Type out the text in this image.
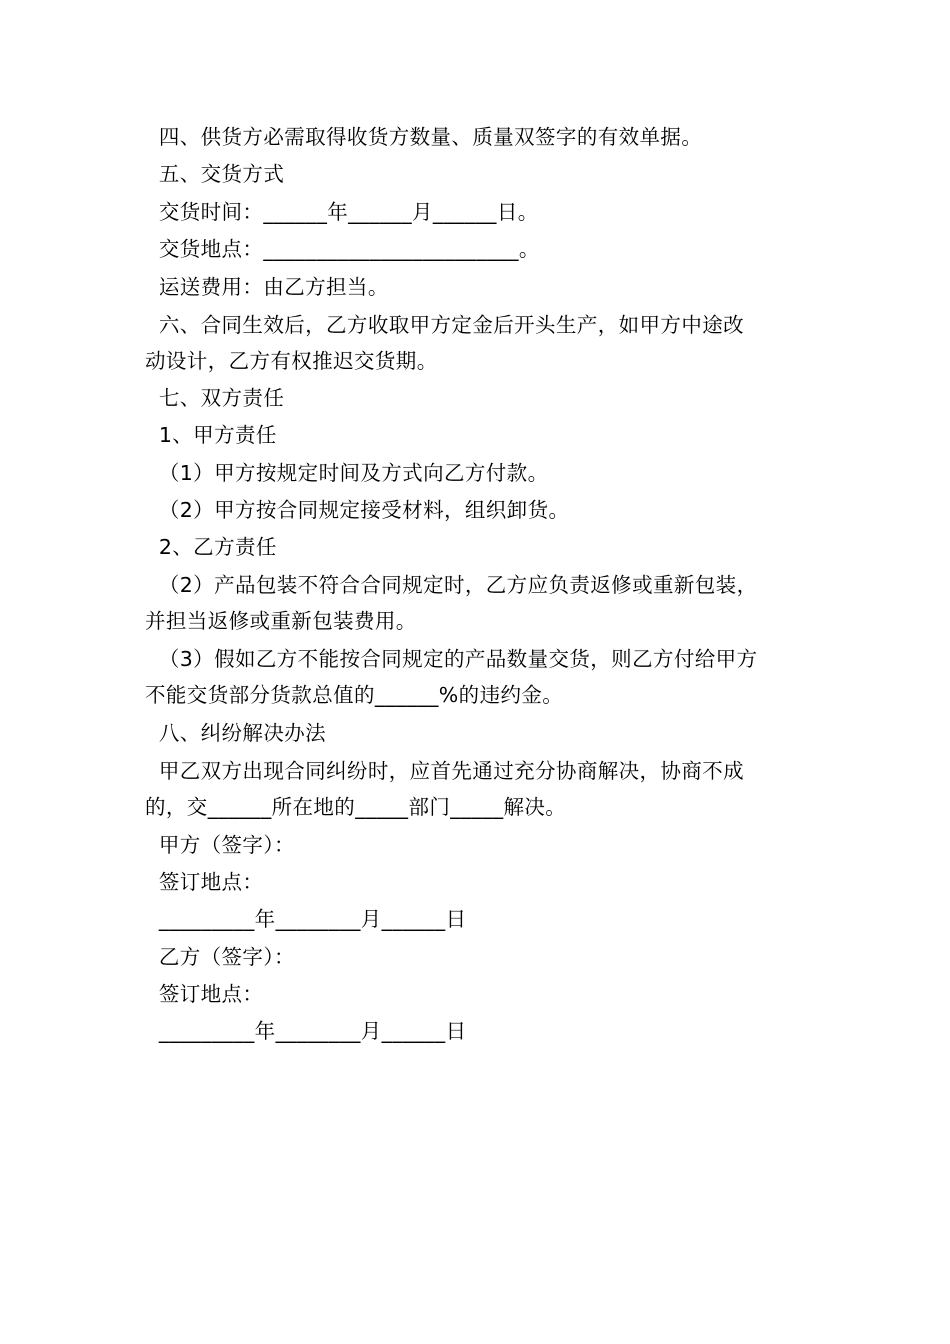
四、供货方必需取得收货方数量、质量双签字的有效单据。
五、交货方式
交货时间：______年______月______日。
交货地点：________________________。
运送费用：由乙方担当。
六、合同生效后，乙方收取甲方定金后开头生产，如甲方中途改
动设计，乙方有权推迟交货期。
七、双方责任
1、甲方责任
（1）甲方按规定时间及方式向乙方付款。
（2）甲方按合同规定接受材料，组织卸货。
2、乙方责任
（2）产品包装不符合合同规定时，乙方应负责返修或重新包装，
并担当返修或重新包装费用。
（3）假如乙方不能按合同规定的产品数量交货，则乙方付给甲方
不能交货部分货款总值的______%的违约金。
八、纠纷解决办法
甲乙双方出现合同纠纷时，应首先通过充分协商解决，协商不成
的，交______所在地的_____部门_____解决。
甲方（签字）：
签订地点：
_________年________月______日
乙方（签字）：
签订地点：
_________年________月______日
